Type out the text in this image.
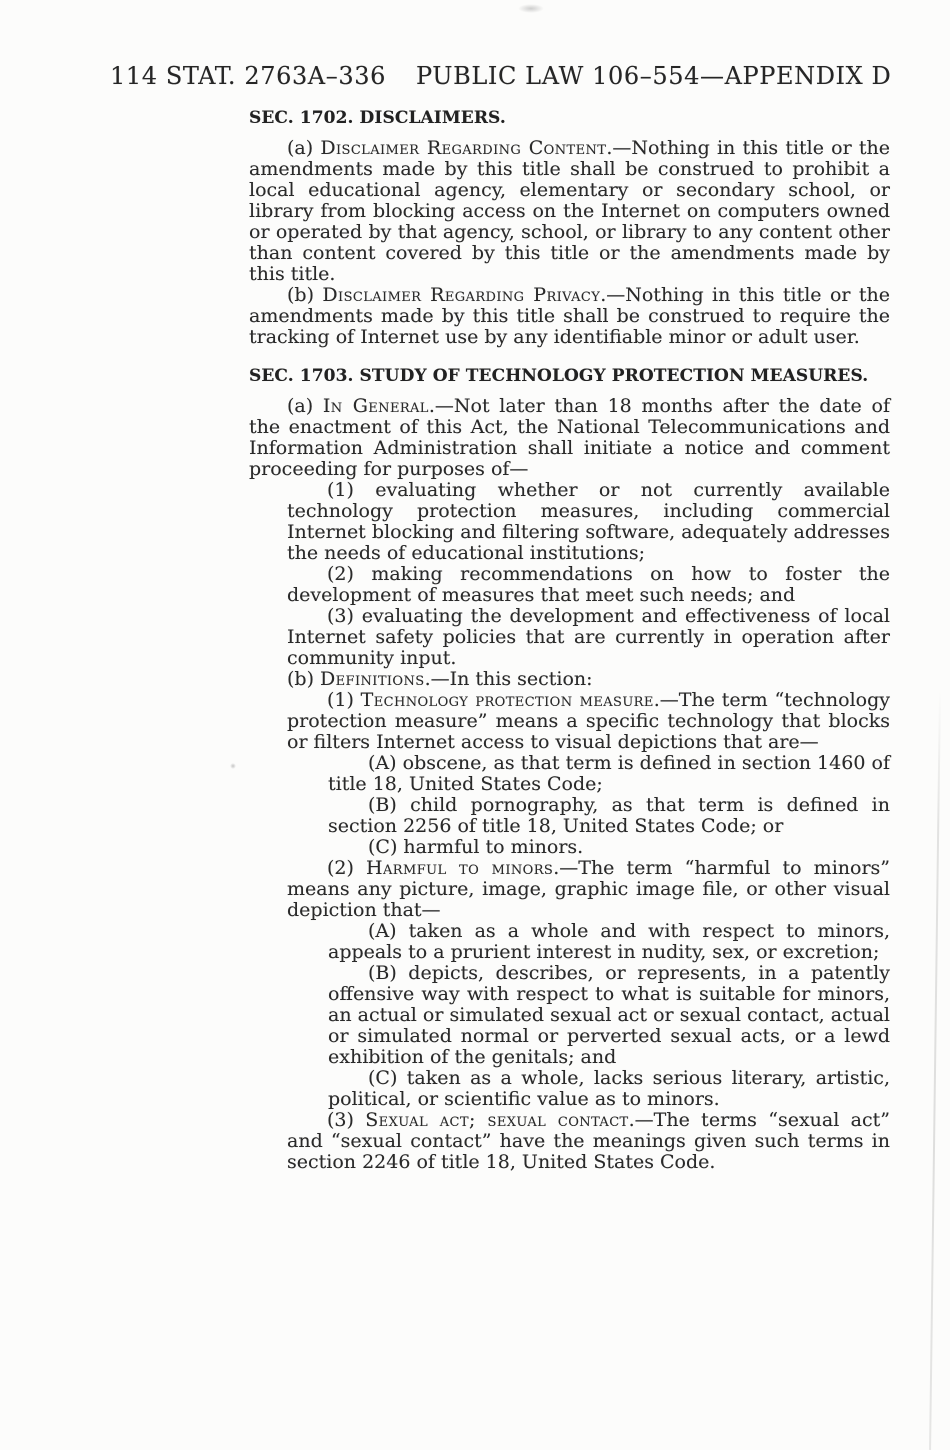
114 STAT. 2763A–336 PUBLIC LAW 106–554—APPENDIX D
SEC. 1702. DISCLAIMERS.

(a) Disclaimer Regarding Content.—Nothing in this title or the amendments made by this title shall be construed to prohibit a local educational agency, elementary or secondary school, or library from blocking access on the Internet on computers owned or operated by that agency, school, or library to any content other than content covered by this title or the amendments made by this title.

(b) Disclaimer Regarding Privacy.—Nothing in this title or the amendments made by this title shall be construed to require the tracking of Internet use by any identifiable minor or adult user.

SEC. 1703. STUDY OF TECHNOLOGY PROTECTION MEASURES.

(a) In General.—Not later than 18 months after the date of the enactment of this Act, the National Telecommunications and Information Administration shall initiate a notice and comment proceeding for purposes of—

(1) evaluating whether or not currently available technology protection measures, including commercial Internet blocking and filtering software, adequately addresses the needs of educational institutions;

(2) making recommendations on how to foster the development of measures that meet such needs; and

(3) evaluating the development and effectiveness of local Internet safety policies that are currently in operation after community input.

(b) Definitions.—In this section:

(1) Technology protection measure.—The term “technology protection measure” means a specific technology that blocks or filters Internet access to visual depictions that are—

(A) obscene, as that term is defined in section 1460 of title 18, United States Code;

(B) child pornography, as that term is defined in section 2256 of title 18, United States Code; or

(C) harmful to minors.

(2) Harmful to minors.—The term “harmful to minors” means any picture, image, graphic image file, or other visual depiction that—

(A) taken as a whole and with respect to minors, appeals to a prurient interest in nudity, sex, or excretion;

(B) depicts, describes, or represents, in a patently offensive way with respect to what is suitable for minors, an actual or simulated sexual act or sexual contact, actual or simulated normal or perverted sexual acts, or a lewd exhibition of the genitals; and

(C) taken as a whole, lacks serious literary, artistic, political, or scientific value as to minors.

(3) Sexual act; sexual contact.—The terms “sexual act” and “sexual contact” have the meanings given such terms in section 2246 of title 18, United States Code.
